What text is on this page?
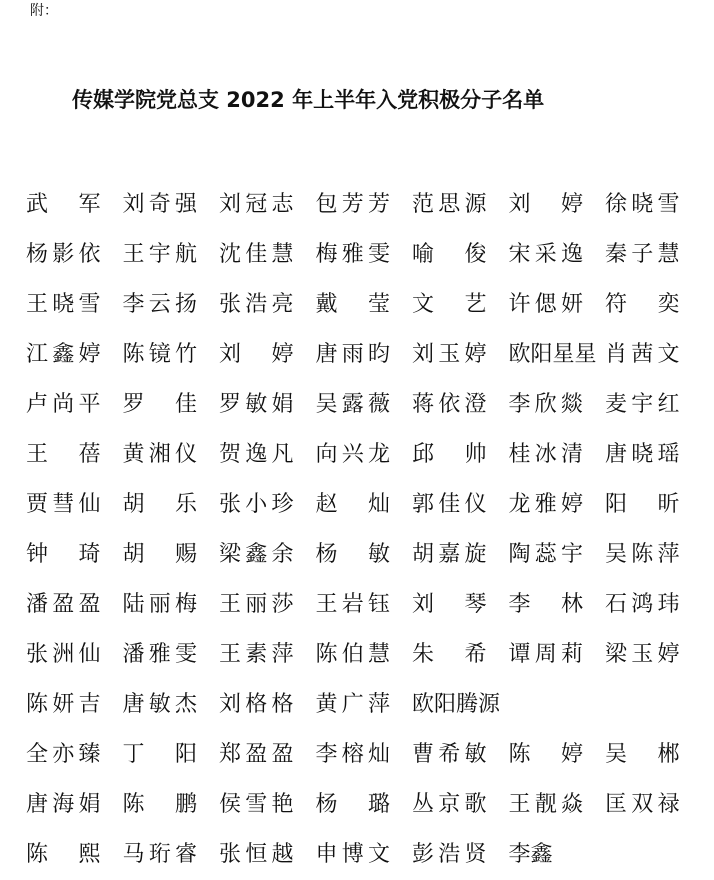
附：
传媒学院党总支 2022 年上半年入党积极分子名单
武　军	刘奇强	刘冠志	包芳芳	范思源	刘　婷	徐晓雪
杨影依	王宇航	沈佳慧	梅雅雯	喻　俊	宋采逸	秦子慧
王晓雪	李云扬	张浩亮	戴　莹	文　艺	许偲妍	符　奕
江鑫婷	陈镜竹	刘　婷	唐雨昀	刘玉婷	欧阳星星 肖茜文
卢尚平	罗　佳	罗敏娟	吴露薇	蒋依澄	李欣燚	麦宇红
王　蓓	黄湘仪	贺逸凡	向兴龙	邱　帅	桂冰清	唐晓瑶
贾彗仙	胡　乐	张小珍	赵　灿	郭佳仪	龙雅婷	阳　昕
钟　琦	胡　赐	梁鑫余	杨　敏	胡嘉旋	陶蕊宇	吴陈萍
潘盈盈	陆丽梅	王丽莎	王岩钰	刘　琴	李　林	石鸿玮
张洲仙	潘雅雯	王素萍	陈伯慧	朱　希	谭周莉	梁玉婷
陈妍吉	唐敏杰	刘格格	黄广萍	欧阳腾源
全亦臻	丁　阳	郑盈盈	李榕灿	曹希敏	陈　婷	吴　郴
唐海娟	陈　鹏	侯雪艳	杨　璐	丛京歌	王靓焱	匡双禄
陈　熙	马珩睿	张恒越	申博文	彭浩贤	李鑫
